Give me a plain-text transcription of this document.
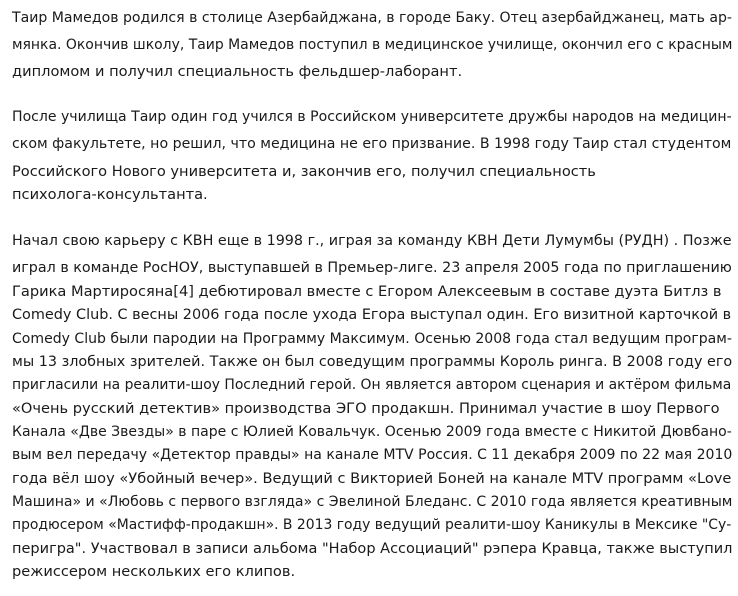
Таир Мамедов родился в столице Азербайджана, в городе Баку. Отец азербайджанец, мать ар-
мянка. Окончив школу, Таир Мамедов поступил в медицинское училище, окончил его с красным
дипломом и получил специальность фельдшер-лаборант.
После училища Таир один год учился в Российском университете дружбы народов на медицин-
ском факультете, но решил, что медицина не его призвание. В 1998 году Таир стал студентом
Российского Нового университета и, закончив его, получил специальность
психолога-консультанта.
Начал свою карьеру с КВН еще в 1998 г., играя за команду КВН Дети Лумумбы (РУДН) . Позже
играл в команде РосНОУ, выступавшей в Премьер-лиге. 23 апреля 2005 года по приглашению
Гарика Мартиросяна[4] дебютировал вместе с Егором Алексеевым в составе дуэта Битлз в
Comedy Club. С весны 2006 года после ухода Егора выступал один. Его визитной карточкой в
Comedy Club были пародии на Программу Максимум. Осенью 2008 года стал ведущим програм-
мы 13 злобных зрителей. Также он был соведущим программы Король ринга. В 2008 году его
пригласили на реалити-шоу Последний герой. Он является автором сценария и актёром фильма
«Очень русский детектив» производства ЭГО продакшн. Принимал участие в шоу Первого
Канала «Две Звезды» в паре с Юлией Ковальчук. Осенью 2009 года вместе с Никитой Дювбано-
вым вел передачу «Детектор правды» на канале MTV Россия. С 11 декабря 2009 по 22 мая 2010
года вёл шоу «Убойный вечер». Ведущий с Викторией Боней на канале MTV программ «Love
Машина» и «Любовь с первого взгляда» с Эвелиной Бледанс. С 2010 года является креативным
продюсером «Мастифф-продакшн». В 2013 году ведущий реалити-шоу Каникулы в Мексике "Су-
перигра". Участвовал в записи альбома "Набор Ассоциаций" рэпера Кравца, также выступил
режиссером нескольких его клипов.
